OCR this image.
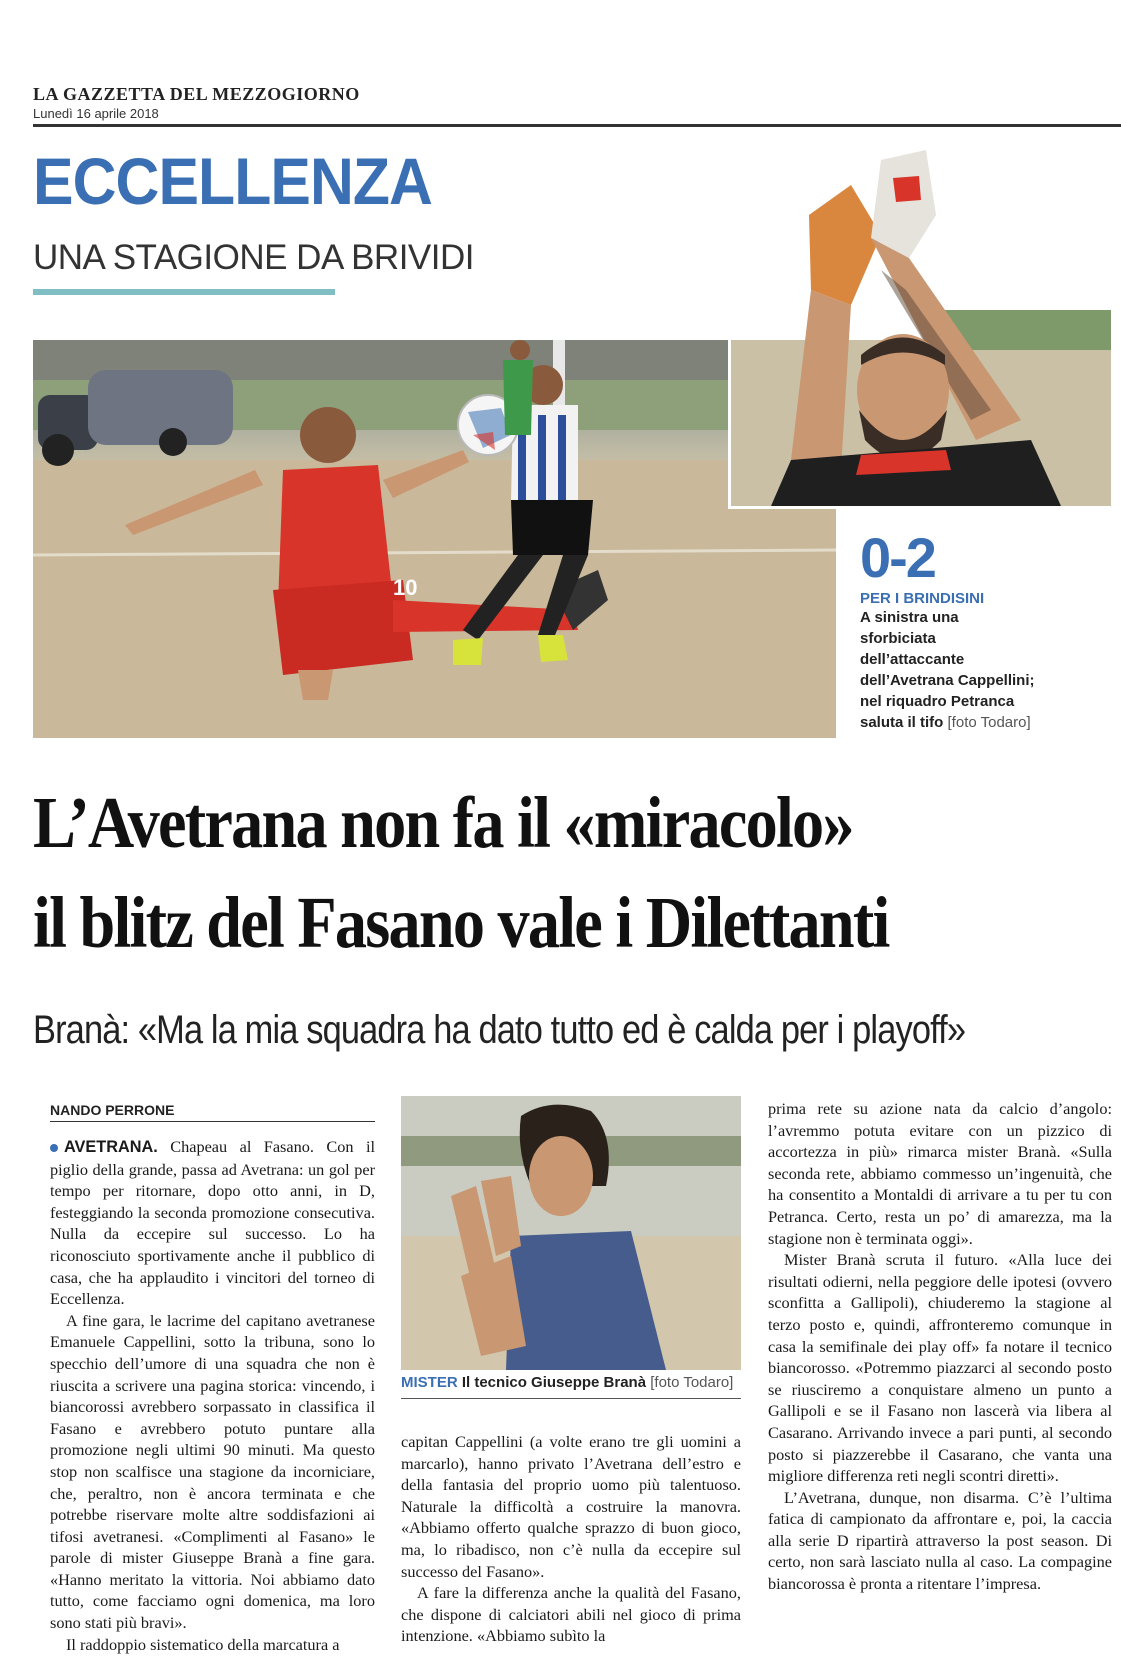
LA GAZZETTA DEL MEZZOGIORNO
Lunedì 16 aprile 2018
ECCELLENZA
UNA STAGIONE DA BRIVIDI
10	0-2
PER I BRINDISINI
A sinistra una
sforbiciata
dell’attaccante
dell’Avetrana Cappellini;
nel riquadro Petranca
saluta il tifo [foto Todaro]
L’Avetrana non fa il «miracolo»
il blitz del Fasano vale i Dilettanti
Branà: «Ma la mia squadra ha dato tutto ed è calda per i playoff»
NANDO PERRONE

AVETRANA. Chapeau al Fasano. Con il piglio della grande, passa ad Avetrana: un gol per tempo per ritornare, dopo otto anni, in D, festeggiando la seconda promozione consecutiva. Nulla da eccepire sul successo. Lo ha riconosciuto sportivamente anche il pubblico di casa, che ha applaudito i vincitori del torneo di Eccellenza.

A fine gara, le lacrime del capitano avetranese Emanuele Cappellini, sotto la tribuna, sono lo specchio dell’umore di una squadra che non è riuscita a scrivere una pagina storica: vincendo, i biancorossi avrebbero sorpassato in classifica il Fasano e avrebbero potuto puntare alla promozione negli ultimi 90 minuti. Ma questo stop non scalfisce una stagione da incorniciare, che, peraltro, non è ancora terminata e che potrebbe riservare molte altre soddisfazioni ai tifosi avetranesi. «Complimenti al Fasano» le parole di mister Giuseppe Branà a fine gara. «Hanno meritato la vittoria. Noi abbiamo dato tutto, come facciamo ogni domenica, ma loro sono stati più bravi».

Il raddoppio sistematico della marcatura a

MISTER Il tecnico Giuseppe Branà [foto Todaro]

capitan Cappellini (a volte erano tre gli uomini a marcarlo), hanno privato l’Avetrana dell’estro e della fantasia del proprio uomo più talentuoso. Naturale la difficoltà a costruire la manovra. «Abbiamo offerto qualche sprazzo di buon gioco, ma, lo ribadisco, non c’è nulla da eccepire sul successo del Fasano».

A fare la differenza anche la qualità del Fasano, che dispone di calciatori abili nel gioco di prima intenzione. «Abbiamo subìto la

prima rete su azione nata da calcio d’angolo: l’avremmo potuta evitare con un pizzico di accortezza in più» rimarca mister Branà. «Sulla seconda rete, abbiamo commesso un’ingenuità, che ha consentito a Montaldi di arrivare a tu per tu con Petranca. Certo, resta un po’ di amarezza, ma la stagione non è terminata oggi».

Mister Branà scruta il futuro. «Alla luce dei risultati odierni, nella peggiore delle ipotesi (ovvero sconfitta a Gallipoli), chiuderemo la stagione al terzo posto e, quindi, affronteremo comunque in casa la semifinale dei play off» fa notare il tecnico biancorosso. «Potremmo piazzarci al secondo posto se riusciremo a conquistare almeno un punto a Gallipoli e se il Fasano non lascerà via libera al Casarano. Arrivando invece a pari punti, al secondo posto si piazzerebbe il Casarano, che vanta una migliore differenza reti negli scontri diretti».

L’Avetrana, dunque, non disarma. C’è l’ultima fatica di campionato da affrontare e, poi, la caccia alla serie D ripartirà attraverso la post season. Di certo, non sarà lasciato nulla al caso. La compagine biancorossa è pronta a ritentare l’impresa.
